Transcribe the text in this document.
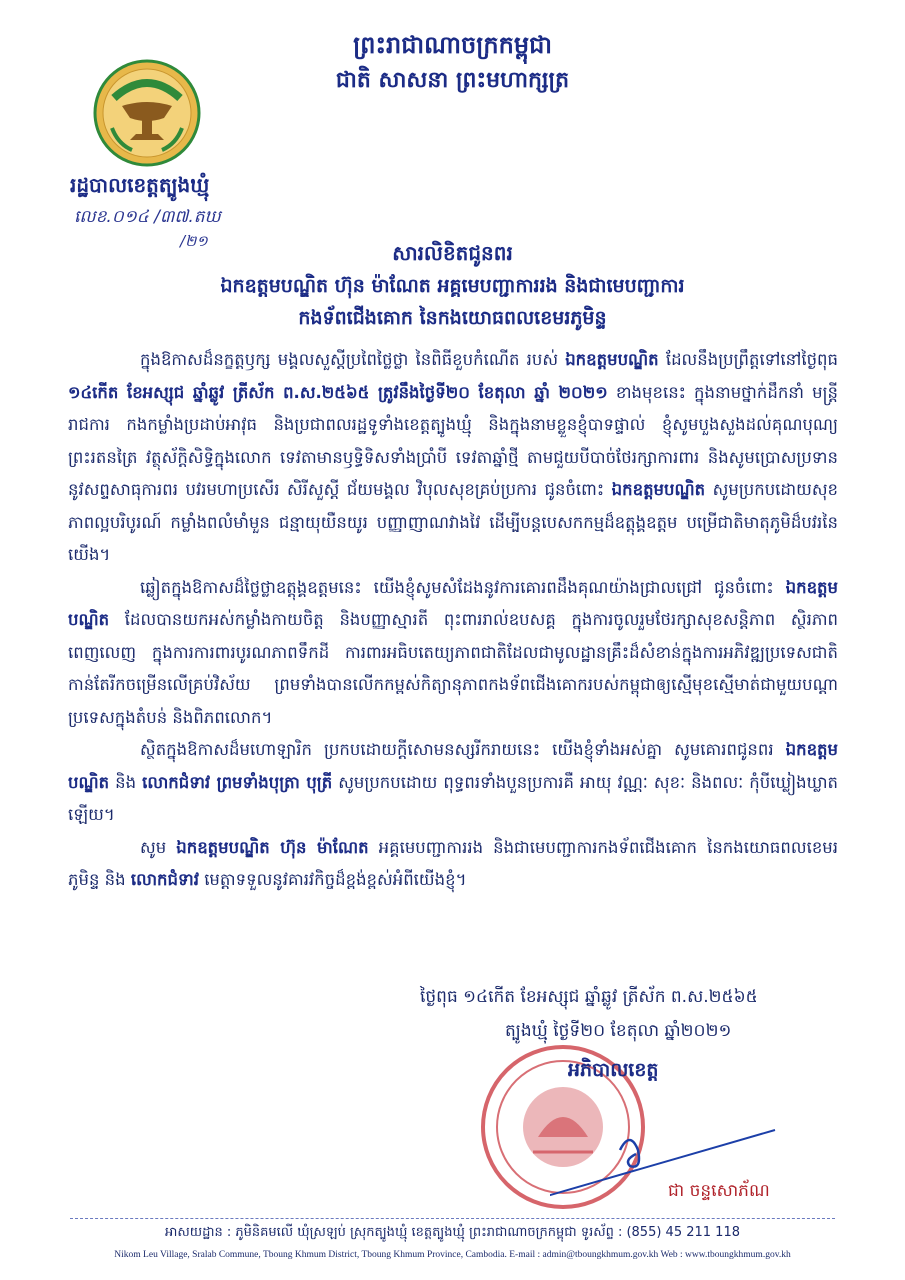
ព្រះរាជាណាចក្រកម្ពុជា
ជាតិ សាសនា ព្រះមហាក្សត្រ
រដ្ឋបាលខេត្តត្បូងឃ្មុំ
លេខ.០១៤ /៣៧.តឃ
/២១	សារលិខិតជូនពរ
ឯកឧត្តមបណ្ឌិត ហ៊ុន ម៉ាណែត អគ្គមេបញ្ជាការរង និងជាមេបញ្ជាការ
កងទ័ពជើងគោក នៃកងយោធពលខេមរភូមិន្ទ

ក្នុងឱកាសដ៏នក្ខត្តឫក្ស មង្គលសួស្តីប្រពៃថ្លៃថ្លា នៃពិធីខួបកំណើត របស់ ឯកឧត្តមបណ្ឌិត ដែលនឹងប្រព្រឹត្តទៅនៅថ្ងៃពុធ ១៤កើត ខែអស្សុជ ឆ្នាំឆ្លូវ ត្រីស័ក ព.ស.២៥៦៥ ត្រូវនឹងថ្ងៃទី២០ ខែតុលា ឆ្នាំ ២០២១ ខាងមុខនេះ ក្នុងនាមថ្នាក់ដឹកនាំ មន្ត្រីរាជការ កងកម្លាំងប្រដាប់អាវុធ និងប្រជាពលរដ្ឋទូទាំងខេត្តត្បូងឃ្មុំ និងក្នុងនាមខ្លួនខ្ញុំបាទផ្ទាល់ ខ្ញុំសូមបួងសួងដល់គុណបុណ្យព្រះរតនត្រៃ វត្ថុស័ក្តិសិទ្ធិក្នុងលោក ទេវតាមានឫទ្ធិទិសទាំងប្រាំបី ទេវតាឆ្នាំថ្មី តាមជួយបីបាច់ថែរក្សាការពារ និងសូមប្រោសប្រទាន នូវសព្ទសាធុការពរ បវរមហាប្រសើរ សិរីសួស្តី ជ័យមង្គល វិបុលសុខគ្រប់ប្រការ ជូនចំពោះ ឯកឧត្តមបណ្ឌិត សូមប្រកបដោយសុខភាពល្អបរិបូរណ៍ កម្លាំងពលំមាំមួន ជន្មាយុយឺនយូរ បញ្ញាញាណវាងវៃ ដើម្បីបន្តបេសកកម្មដ៏ឧត្តុង្គឧត្តម បម្រើជាតិមាតុភូមិដ៏បវរនៃយើង។

ឆ្លៀតក្នុងឱកាសដ៏ថ្លៃថ្លាឧត្តុង្គឧត្តមនេះ យើងខ្ញុំសូមសំដែងនូវការគោរពដឹងគុណយ៉ាងជ្រាលជ្រៅ ជូនចំពោះ ឯកឧត្តមបណ្ឌិត ដែលបានយកអស់កម្លាំងកាយចិត្ត និងបញ្ញាស្មារតី ពុះពាររាល់ឧបសគ្គ ក្នុងការចូលរួមថែរក្សាសុខសន្តិភាព ស្ថិរភាពពេញលេញ ក្នុងការការពារបូរណភាពទឹកដី ការពារអធិបតេយ្យភាពជាតិដែលជាមូលដ្ឋានគ្រឹះដ៏សំខាន់ក្នុងការអភិវឌ្ឍប្រទេសជាតិកាន់តែរីកចម្រើនលើគ្រប់វិស័យ ព្រមទាំងបានលើកកម្ពស់កិត្យានុភាពកងទ័ពជើងគោករបស់កម្ពុជាឲ្យស្មើមុខស្មើមាត់ជាមួយបណ្តាប្រទេសក្នុងតំបន់ និងពិភពលោក។

ស្ថិតក្នុងឱកាសដ៏មហោឡារិក ប្រកបដោយក្តីសោមនស្សរីករាយនេះ យើងខ្ញុំទាំងអស់គ្នា សូមគោរពជូនពរ ឯកឧត្តមបណ្ឌិត និង លោកជំទាវ ព្រមទាំងបុត្រា បុត្រី សូមប្រកបដោយ ពុទ្ធពរទាំងបួនប្រការគឺ អាយុ វណ្ណៈ សុខៈ និងពលៈ កុំបីឃ្លៀងឃ្លាតឡើយ។

សូម ឯកឧត្តមបណ្ឌិត ហ៊ុន ម៉ាណែត អគ្គមេបញ្ជាការរង និងជាមេបញ្ជាការកងទ័ពជើងគោក នៃកងយោធពលខេមរភូមិន្ទ និង លោកជំទាវ មេត្តាទទួលនូវគារវកិច្ចដ៏ខ្ពង់ខ្ពស់អំពីយើងខ្ញុំ។

ថ្ងៃពុធ ១៤កើត ខែអស្សុជ ឆ្នាំឆ្លូវ ត្រីស័ក ព.ស.២៥៦៥
ត្បូងឃ្មុំ ថ្ងៃទី២០ ខែតុលា ឆ្នាំ២០២១
អភិបាលខេត្ត
ជា ចន្ទសោភ័ណ
អាសយដ្ឋាន : ភូមិនិគមលើ ឃុំស្រឡប់ ស្រុកត្បូងឃ្មុំ ខេត្តត្បូងឃ្មុំ ព្រះរាជាណាចក្រកម្ពុជា ទូរស័ព្ទ : (855) 45 211 118
Nikom Leu Village, Sralab Commune, Tboung Khmum District, Tboung Khmum Province, Cambodia. E-mail : admin@tboungkhmum.gov.kh Web : www.tboungkhmum.gov.kh
